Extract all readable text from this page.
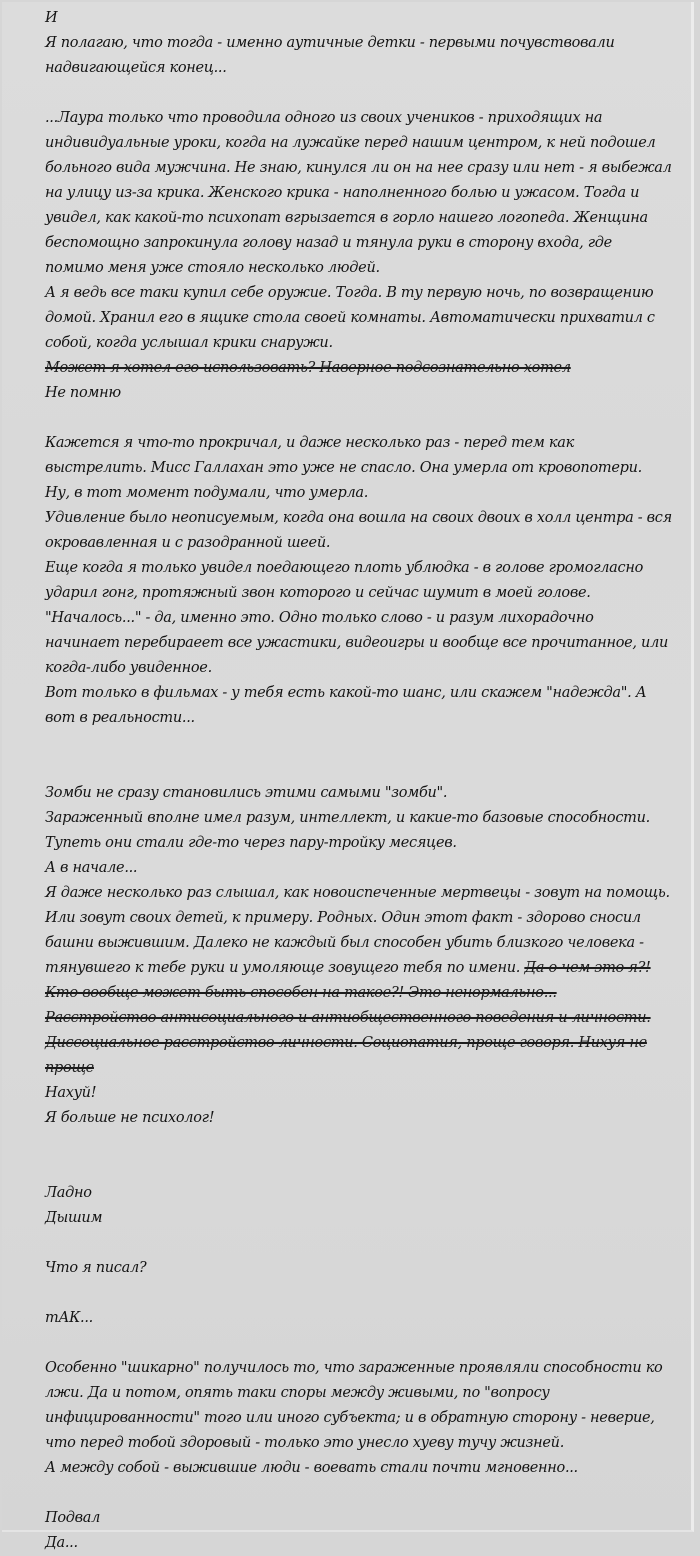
И
Я полагаю, что тогда - именно аутичные детки - первыми почувствовали
надвигающейся конец...
...Лаура только что проводила одного из своих учеников - приходящих на
индивидуальные уроки, когда на лужайке перед нашим центром, к ней подошел
больного вида мужчина. Не знаю, кинулся ли он на нее сразу или нет - я выбежал
на улицу из-за крика. Женского крика - наполненного болью и ужасом. Тогда и
увидел, как какой-то психопат вгрызается в горло нашего логопеда. Женщина
беспомощно запрокинула голову назад и тянула руки в сторону входа, где
помимо меня уже стояло несколько людей.
А я ведь все таки купил себе оружие. Тогда. В ту первую ночь, по возвращению
домой. Хранил его в ящике стола своей комнаты. Автоматически прихватил с
собой, когда услышал крики снаружи.
Может я хотел его использовать? Наверное подсознательно хотел
Не помню
Кажется я что-то прокричал, и даже несколько раз - перед тем как
выстрелить. Мисс Галлахан это уже не спасло. Она умерла от кровопотери.
Ну, в тот момент подумали, что умерла.
Удивление было неописуемым, когда она вошла на своих двоих в холл центра - вся
окровавленная и с разодранной шеей.
Еще когда я только увидел поедающего плоть ублюдка - в голове громогласно
ударил гонг, протяжный звон которого и сейчас шумит в моей голове.
"Началось..." - да, именно это. Одно только слово - и разум лихорадочно
начинает перебираеет все ужастики, видеоигры и вообще все прочитанное, или
когда-либо увиденное.
Вот только в фильмах - у тебя есть какой-то шанс, или скажем "надежда". А
вот в реальности...
Зомби не сразу становились этими самыми "зомби".
Зараженный вполне имел разум, интеллект, и какие-то базовые способности.
Тупеть они стали где-то через пару-тройку месяцев.
А в начале...
Я даже несколько раз слышал, как новоиспеченные мертвецы - зовут на помощь.
Или зовут своих детей, к примеру. Родных. Один этот факт - здорово сносил
башни выжившим. Далеко не каждый был способен убить близкого человека -
тянувшего к тебе руки и умоляюще зовущего тебя по имени. Да о чем это я?!
Кто вообще может быть способен на такое?! Это ненормально...
Расстройство антисоциального и антиобщественного поведения и личности.
Диссоциальное расстройство личности. Социопатия, проще говоря. Нихуя не
проще
Нахуй!
Я больше не психолог!
Ладно
Дышим
Что я писал?
тАК...
Особенно "шикарно" получилось то, что зараженные проявляли способности ко
лжи. Да и потом, опять таки споры между живыми, по "вопросу
инфицированности" того или иного субъекта; и в обратную сторону - неверие,
что перед тобой здоровый - только это унесло хуеву тучу жизней.
А между собой - выжившие люди - воевать стали почти мгновенно...
Подвал
Да...
